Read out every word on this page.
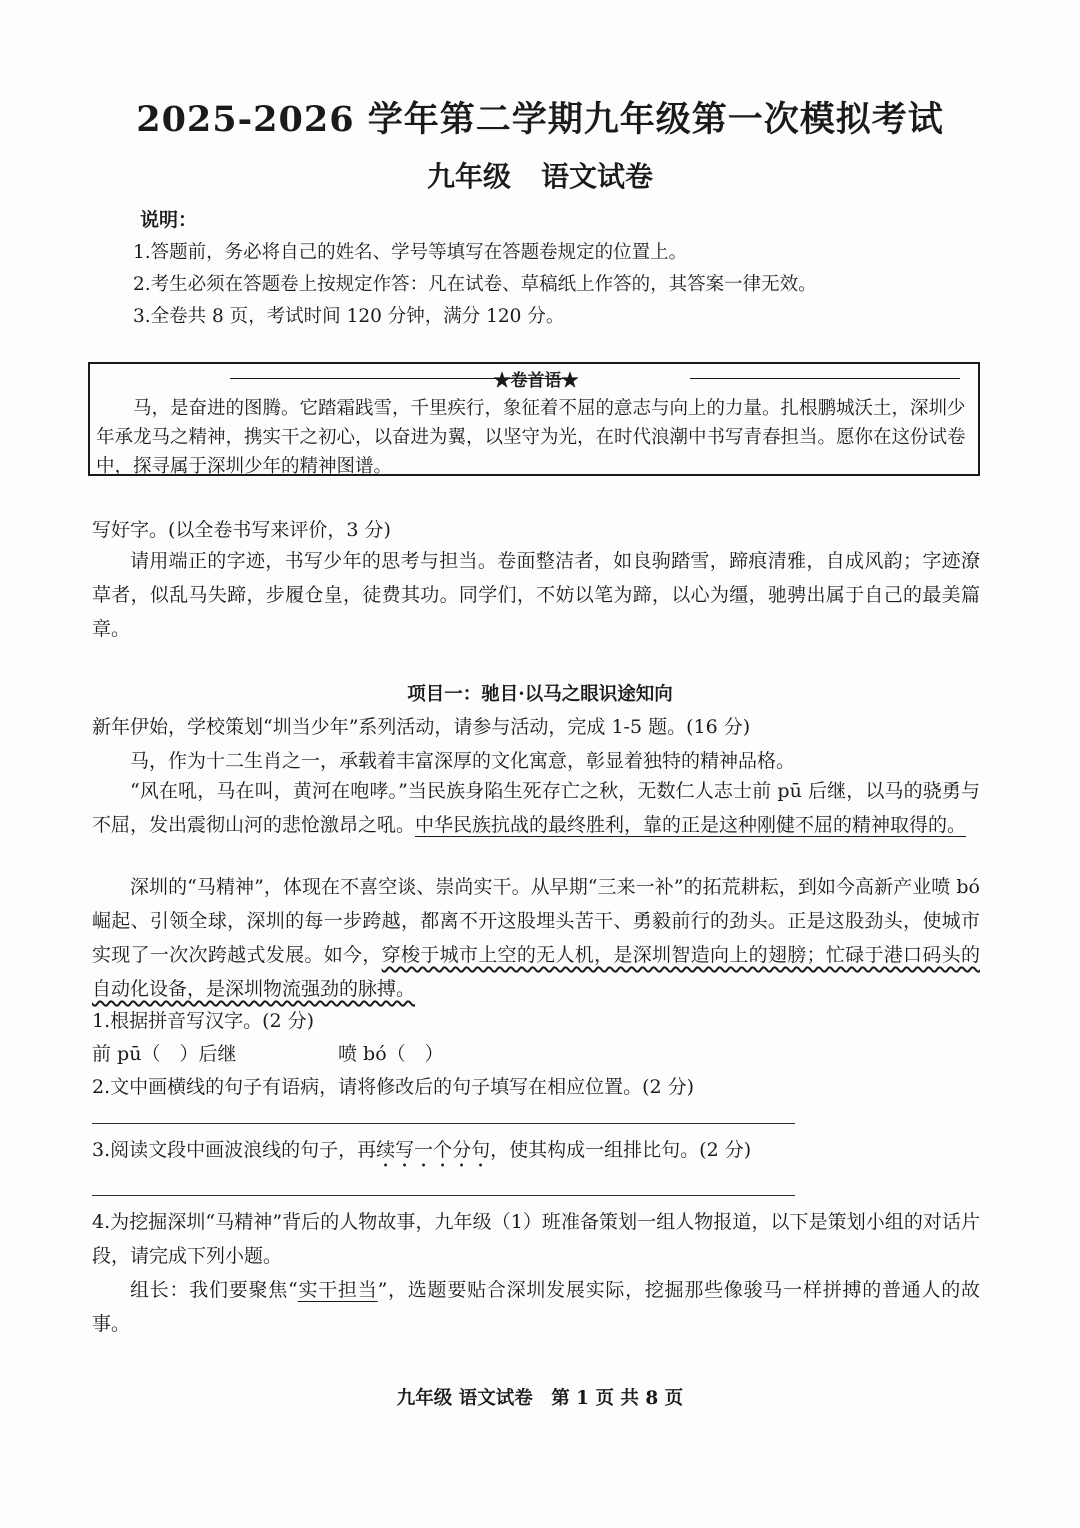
2025-2026 学年第二学期九年级第一次模拟考试
九年级 语文试卷
说明：
1.答题前，务必将自己的姓名、学号等填写在答题卷规定的位置上。
2.考生必须在答题卷上按规定作答：凡在试卷、草稿纸上作答的，其答案一律无效。
3.全卷共 8 页，考试时间 120 分钟，满分 120 分。
★卷首语★
马，是奋进的图腾。它踏霜践雪，千里疾行，象征着不屈的意志与向上的力量。扎根鹏城沃土，深圳少年承龙马之精神，携实干之初心，以奋进为翼，以坚守为光，在时代浪潮中书写青春担当。愿你在这份试卷中，探寻属于深圳少年的精神图谱。
写好字。(以全卷书写来评价，3 分)
请用端正的字迹，书写少年的思考与担当。卷面整洁者，如良驹踏雪，蹄痕清雅，自成风韵；字迹潦草者，似乱马失蹄，步履仓皇，徒费其功。同学们，不妨以笔为蹄，以心为缰，驰骋出属于自己的最美篇章。
项目一：驰目·以马之眼识途知向
新年伊始，学校策划“圳当少年”系列活动，请参与活动，完成 1-5 题。(16 分)
马，作为十二生肖之一，承载着丰富深厚的文化寓意，彰显着独特的精神品格。
“风在吼，马在叫，黄河在咆哮。”当民族身陷生死存亡之秋，无数仁人志士前 pū 后继，以马的骁勇与不屈，发出震彻山河的悲怆激昂之吼。中华民族抗战的最终胜利，靠的正是这种刚健不屈的精神取得的。
深圳的“马精神”，体现在不喜空谈、崇尚实干。从早期“三来一补”的拓荒耕耘，到如今高新产业喷 bó 崛起、引领全球，深圳的每一步跨越，都离不开这股埋头苦干、勇毅前行的劲头。正是这股劲头，使城市实现了一次次跨越式发展。如今，穿梭于城市上空的无人机，是深圳智造向上的翅膀；忙碌于港口码头的自动化设备，是深圳物流强劲的脉搏。
1.根据拼音写汉字。(2 分)
前 pū（　）后继	喷 bó（　）
2.文中画横线的句子有语病，请将修改后的句子填写在相应位置。(2 分)
3.阅读文段中画波浪线的句子，再续写一个分句，使其构成一组排比句。(2 分)
4.为挖掘深圳“马精神”背后的人物故事，九年级（1）班准备策划一组人物报道，以下是策划小组的对话片段，请完成下列小题。
组长：我们要聚焦“实干担当”，选题要贴合深圳发展实际，挖掘那些像骏马一样拼搏的普通人的故事。
九年级 语文试卷　第 1 页 共 8 页
